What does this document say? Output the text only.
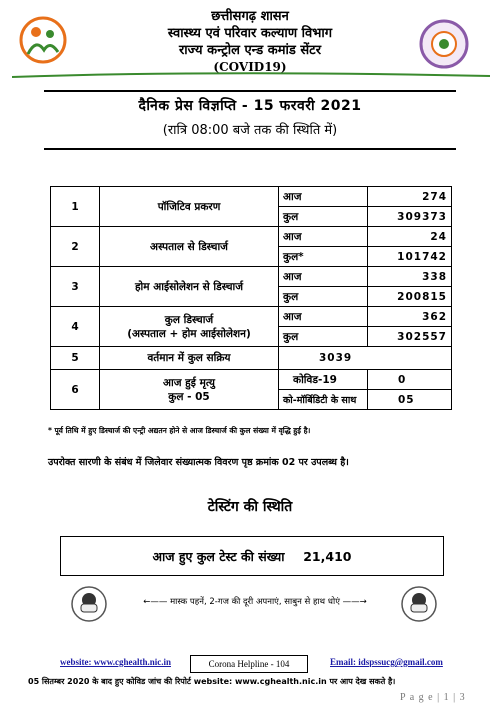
छत्तीसगढ़ शासन
स्वास्थ्य एवं परिवार कल्याण विभाग
राज्य कन्ट्रोल एन्ड कमांड सेंटर
(COVID19)
दैनिक प्रेस विज्ञप्ति - 15 फरवरी 2021
(रात्रि 08:00 बजे तक की स्थिति में)
1	पॉजिटिव प्रकरण	आज	274
		कुल	309373
2	अस्पताल से डिस्चार्ज	आज	24
		कुल*	101742
3	होम आईसोलेशन से डिस्चार्ज	आज	338
		कुल	200815
4	कुल डिस्चार्ज
(अस्पताल + होम आईसोलेशन)	आज	362
		कुल	302557
5	वर्तमान में कुल सक्रिय	3039	
6	आज हुई मृत्यु
कुल - 05	कोविड-19	0
		को-मॉर्बिडिटी के साथ	05
* पूर्व तिथि में हुए डिस्चार्ज की एन्ट्री अद्यतन होने से आज डिस्चार्ज की कुल संख्या में वृद्धि हुई है।
उपरोक्त सारणी के संबंध में जिलेवार संख्यात्मक विवरण पृष्ठ क्रमांक 02 पर उपलब्ध है।
टेस्टिंग की स्थिति
आज हुए कुल टेस्ट की संख्या 21,410
←—— मास्क पहनें, 2-गज की दूरी अपनाएं, साबुन से हाथ धोएं ——→
website: www.cghealth.nic.in	Corona Helpline - 104	Email: idspssucg@gmail.com
05 सितम्बर 2020 के बाद हुए कोविड जांच की रिपोर्ट website: www.cghealth.nic.in पर आप देख सकते है।
P a g e | 1 | 3
